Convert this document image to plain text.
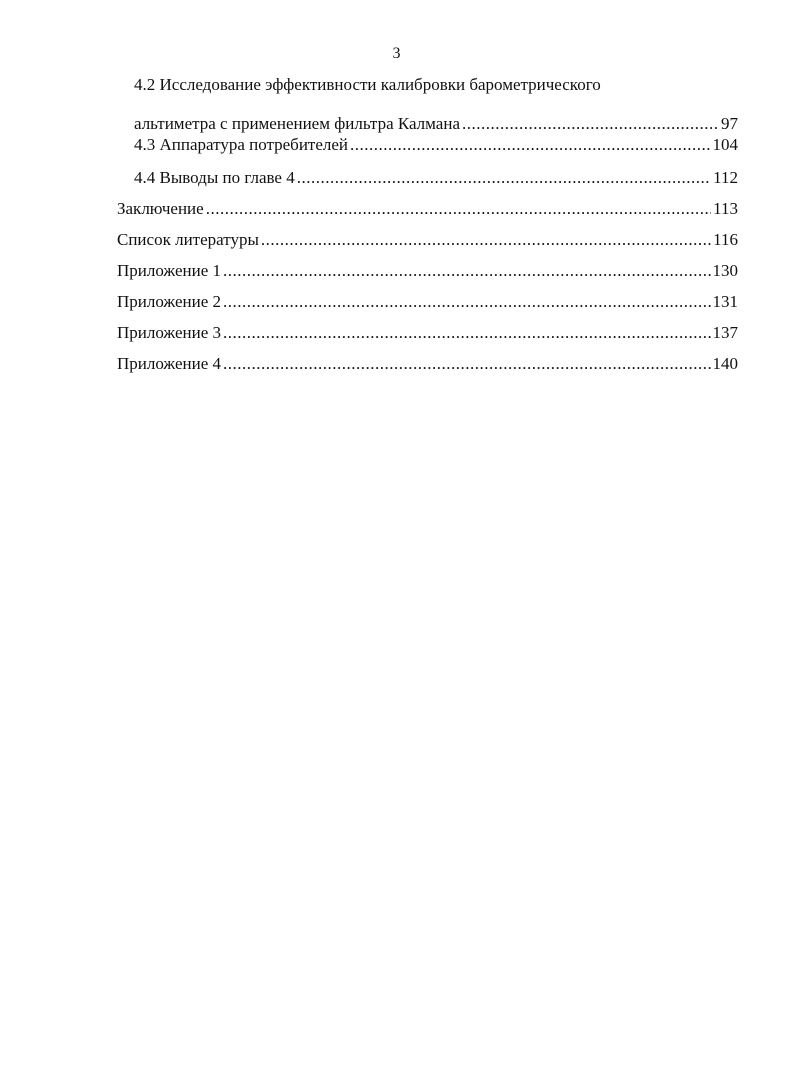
3
4.2 Исследование эффективности калибровки барометрического
альтиметра с применением фильтра Калмана .....	97
4.3 Аппаратура потребителей .....	104
4.4 Выводы по главе 4 .....	112
Заключение .....	113
Список литературы .....	116
Приложение 1 .....	130
Приложение 2 .....	131
Приложение 3 .....	137
Приложение 4 .....	140
